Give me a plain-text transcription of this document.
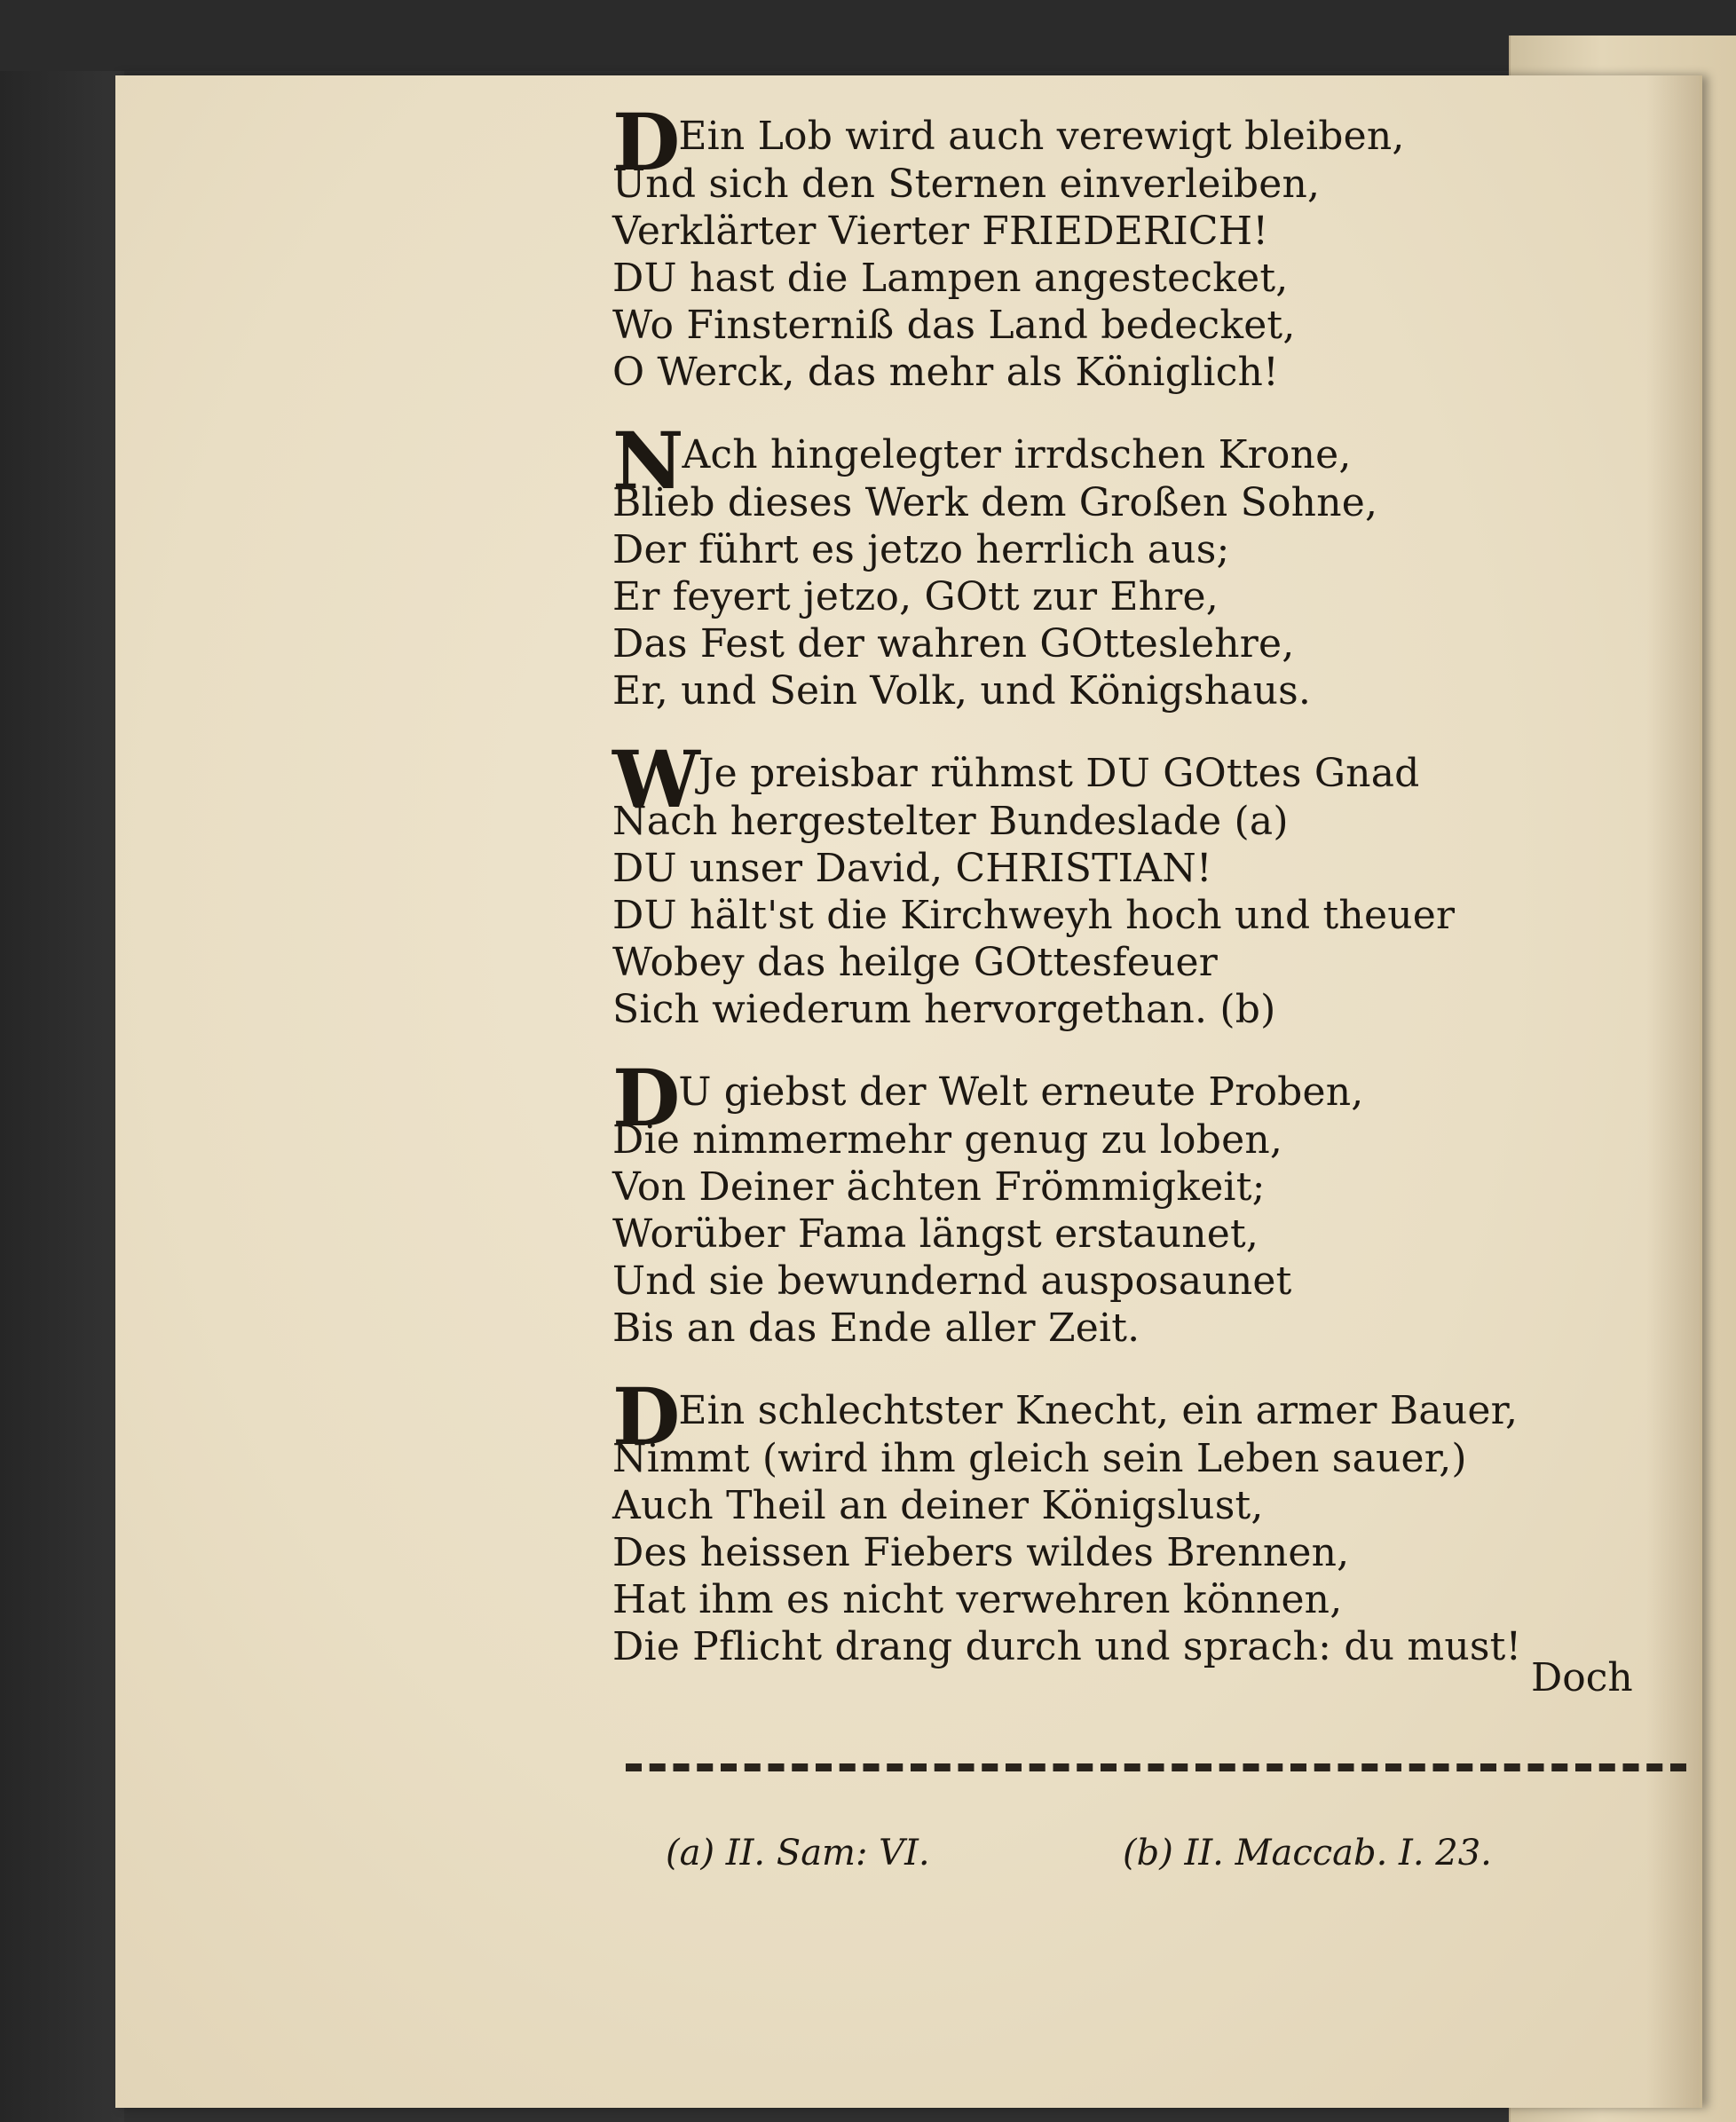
DEin Lob wird auch verewigt bleiben,
Und sich den Sternen einverleiben,
Verklärter Vierter FRIEDERICH!
DU hast die Lampen angestecket,
Wo Finsterniß das Land bedecket,
O Werck, das mehr als Königlich!
NAch hingelegter irrdschen Krone,
Blieb dieses Werk dem Großen Sohne,
Der führt es jetzo herrlich aus;
Er feyert jetzo, GOtt zur Ehre,
Das Fest der wahren GOtteslehre,
Er, und Sein Volk, und Königshaus.
WJe preisbar rühmst DU GOttes Gnad
Nach hergestelter Bundeslade (a)
DU unser David, CHRISTIAN!
DU hält'st die Kirchweyh hoch und theuer
Wobey das heilge GOttesfeuer
Sich wiederum hervorgethan. (b)
DU giebst der Welt erneute Proben,
Die nimmermehr genug zu loben,
Von Deiner ächten Frömmigkeit;
Worüber Fama längst erstaunet,
Und sie bewundernd ausposaunet
Bis an das Ende aller Zeit.
DEin schlechtster Knecht, ein armer Bauer,
Nimmt (wird ihm gleich sein Leben sauer,)
Auch Theil an deiner Königslust,
Des heissen Fiebers wildes Brennen,
Hat ihm es nicht verwehren können,
Die Pflicht drang durch und sprach: du must!
Doch
(a) II. Sam: VI.	(b) II. Maccab. I. 23.
